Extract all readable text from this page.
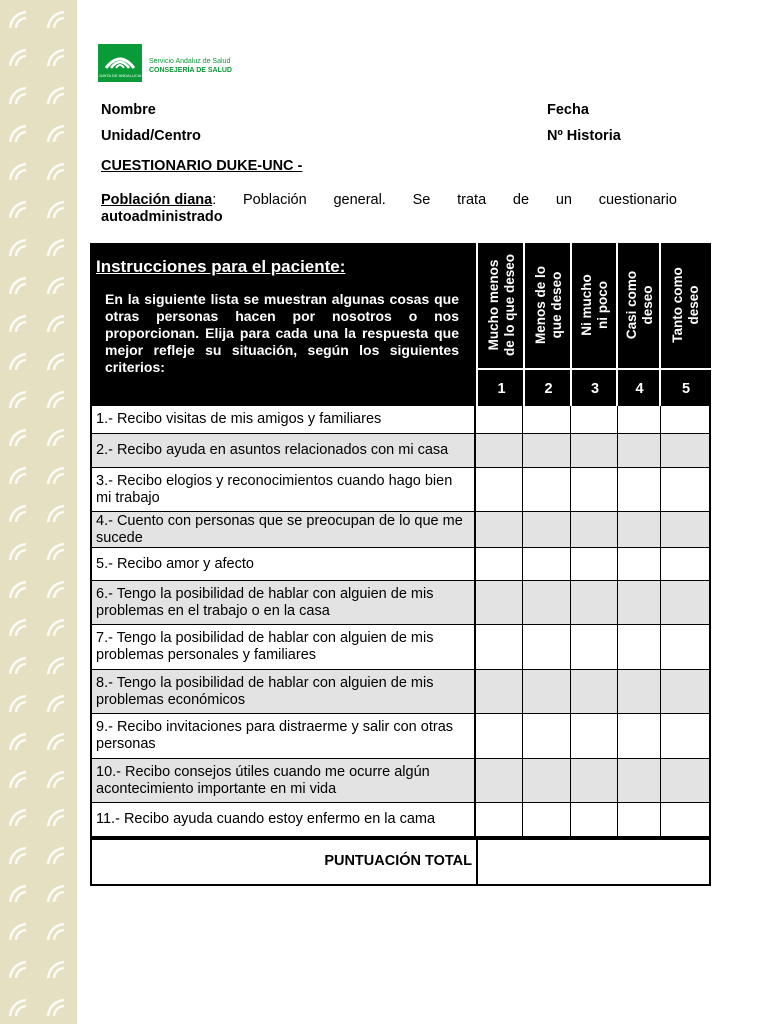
JUNTA DE ANDALUCIA
Servicio Andaluz de Salud
CONSEJERÍA DE SALUD
Nombre	Fecha
Unidad/Centro	Nº Historia
CUESTIONARIO DUKE-UNC -
Población diana: Población general. Se trata de un cuestionario
autoadministrado
Instrucciones para el paciente:
En la siguiente lista se muestran algunas cosas que otras personas hacen por nosotros o nos proporcionan. Elija para cada una la respuesta que mejor refleje su situación, según los siguientes criterios:
Mucho menos de lo que deseo
1
Menos de lo que deseo
2
Ni mucho ni poco
3
Casi como deseo
4
Tanto como deseo
5
1.- Recibo visitas de mis amigos y familiares
2.- Recibo ayuda en asuntos relacionados con mi casa
3.- Recibo elogios y reconocimientos cuando hago bien mi trabajo
4.- Cuento con personas que se preocupan de lo que me sucede
5.- Recibo amor y afecto
6.- Tengo la posibilidad de hablar con alguien de mis problemas en el trabajo o en la casa
7.- Tengo la posibilidad de hablar con alguien de mis problemas personales y familiares
8.- Tengo la posibilidad de hablar con alguien de mis problemas económicos
9.- Recibo invitaciones para distraerme y salir con otras personas
10.- Recibo consejos útiles cuando me ocurre algún acontecimiento importante en mi vida
11.- Recibo ayuda cuando estoy enfermo en la cama
PUNTUACIÓN TOTAL
